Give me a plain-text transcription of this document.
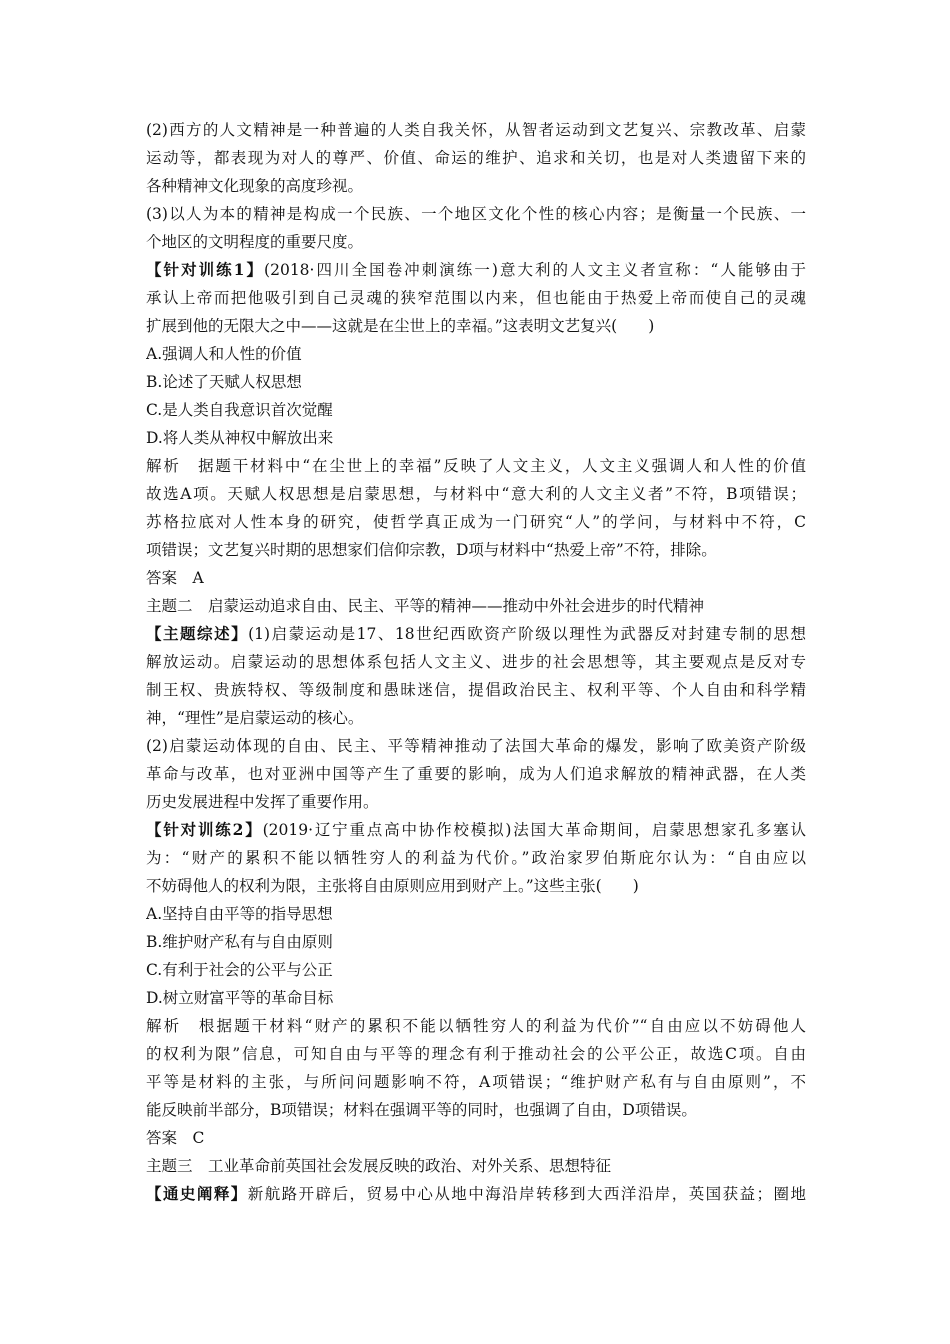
(2)西方的人文精神是一种普遍的人类自我关怀，从智者运动到文艺复兴、宗教改革、启蒙
运动等，都表现为对人的尊严、价值、命运的维护、追求和关切，也是对人类遗留下来的
各种精神文化现象的高度珍视。
(3)以人为本的精神是构成一个民族、一个地区文化个性的核心内容；是衡量一个民族、一
个地区的文明程度的重要尺度。
【针对训练1】(2018·四川全国卷冲刺演练一)意大利的人文主义者宣称：“人能够由于
承认上帝而把他吸引到自己灵魂的狭窄范围以内来，但也能由于热爱上帝而使自己的灵魂
扩展到他的无限大之中——这就是在尘世上的幸福。”这表明文艺复兴(　　)
A.强调人和人性的价值
B.论述了天赋人权思想
C.是人类自我意识首次觉醒
D.将人类从神权中解放出来
解析　据题干材料中“在尘世上的幸福”反映了人文主义，人文主义强调人和人性的价值
故选A项。天赋人权思想是启蒙思想，与材料中“意大利的人文主义者”不符，B项错误；
苏格拉底对人性本身的研究，使哲学真正成为一门研究“人”的学问，与材料中不符，C
项错误；文艺复兴时期的思想家们信仰宗教，D项与材料中“热爱上帝”不符，排除。
答案　A
主题二　启蒙运动追求自由、民主、平等的精神——推动中外社会进步的时代精神
【主题综述】(1)启蒙运动是17、18世纪西欧资产阶级以理性为武器反对封建专制的思想
解放运动。启蒙运动的思想体系包括人文主义、进步的社会思想等，其主要观点是反对专
制王权、贵族特权、等级制度和愚昧迷信，提倡政治民主、权利平等、个人自由和科学精
神，“理性”是启蒙运动的核心。
(2)启蒙运动体现的自由、民主、平等精神推动了法国大革命的爆发，影响了欧美资产阶级
革命与改革，也对亚洲中国等产生了重要的影响，成为人们追求解放的精神武器，在人类
历史发展进程中发挥了重要作用。
【针对训练2】(2019·辽宁重点高中协作校模拟)法国大革命期间，启蒙思想家孔多塞认
为：“财产的累积不能以牺牲穷人的利益为代价。”政治家罗伯斯庇尔认为：“自由应以
不妨碍他人的权利为限，主张将自由原则应用到财产上。”这些主张(　　)
A.坚持自由平等的指导思想
B.维护财产私有与自由原则
C.有利于社会的公平与公正
D.树立财富平等的革命目标
解析　根据题干材料“财产的累积不能以牺牲穷人的利益为代价”“自由应以不妨碍他人
的权利为限”信息，可知自由与平等的理念有利于推动社会的公平公正，故选C项。自由
平等是材料的主张，与所问问题影响不符，A项错误；“维护财产私有与自由原则”，不
能反映前半部分，B项错误；材料在强调平等的同时，也强调了自由，D项错误。
答案　C
主题三　工业革命前英国社会发展反映的政治、对外关系、思想特征
【通史阐释】新航路开辟后，贸易中心从地中海沿岸转移到大西洋沿岸，英国获益；圈地
